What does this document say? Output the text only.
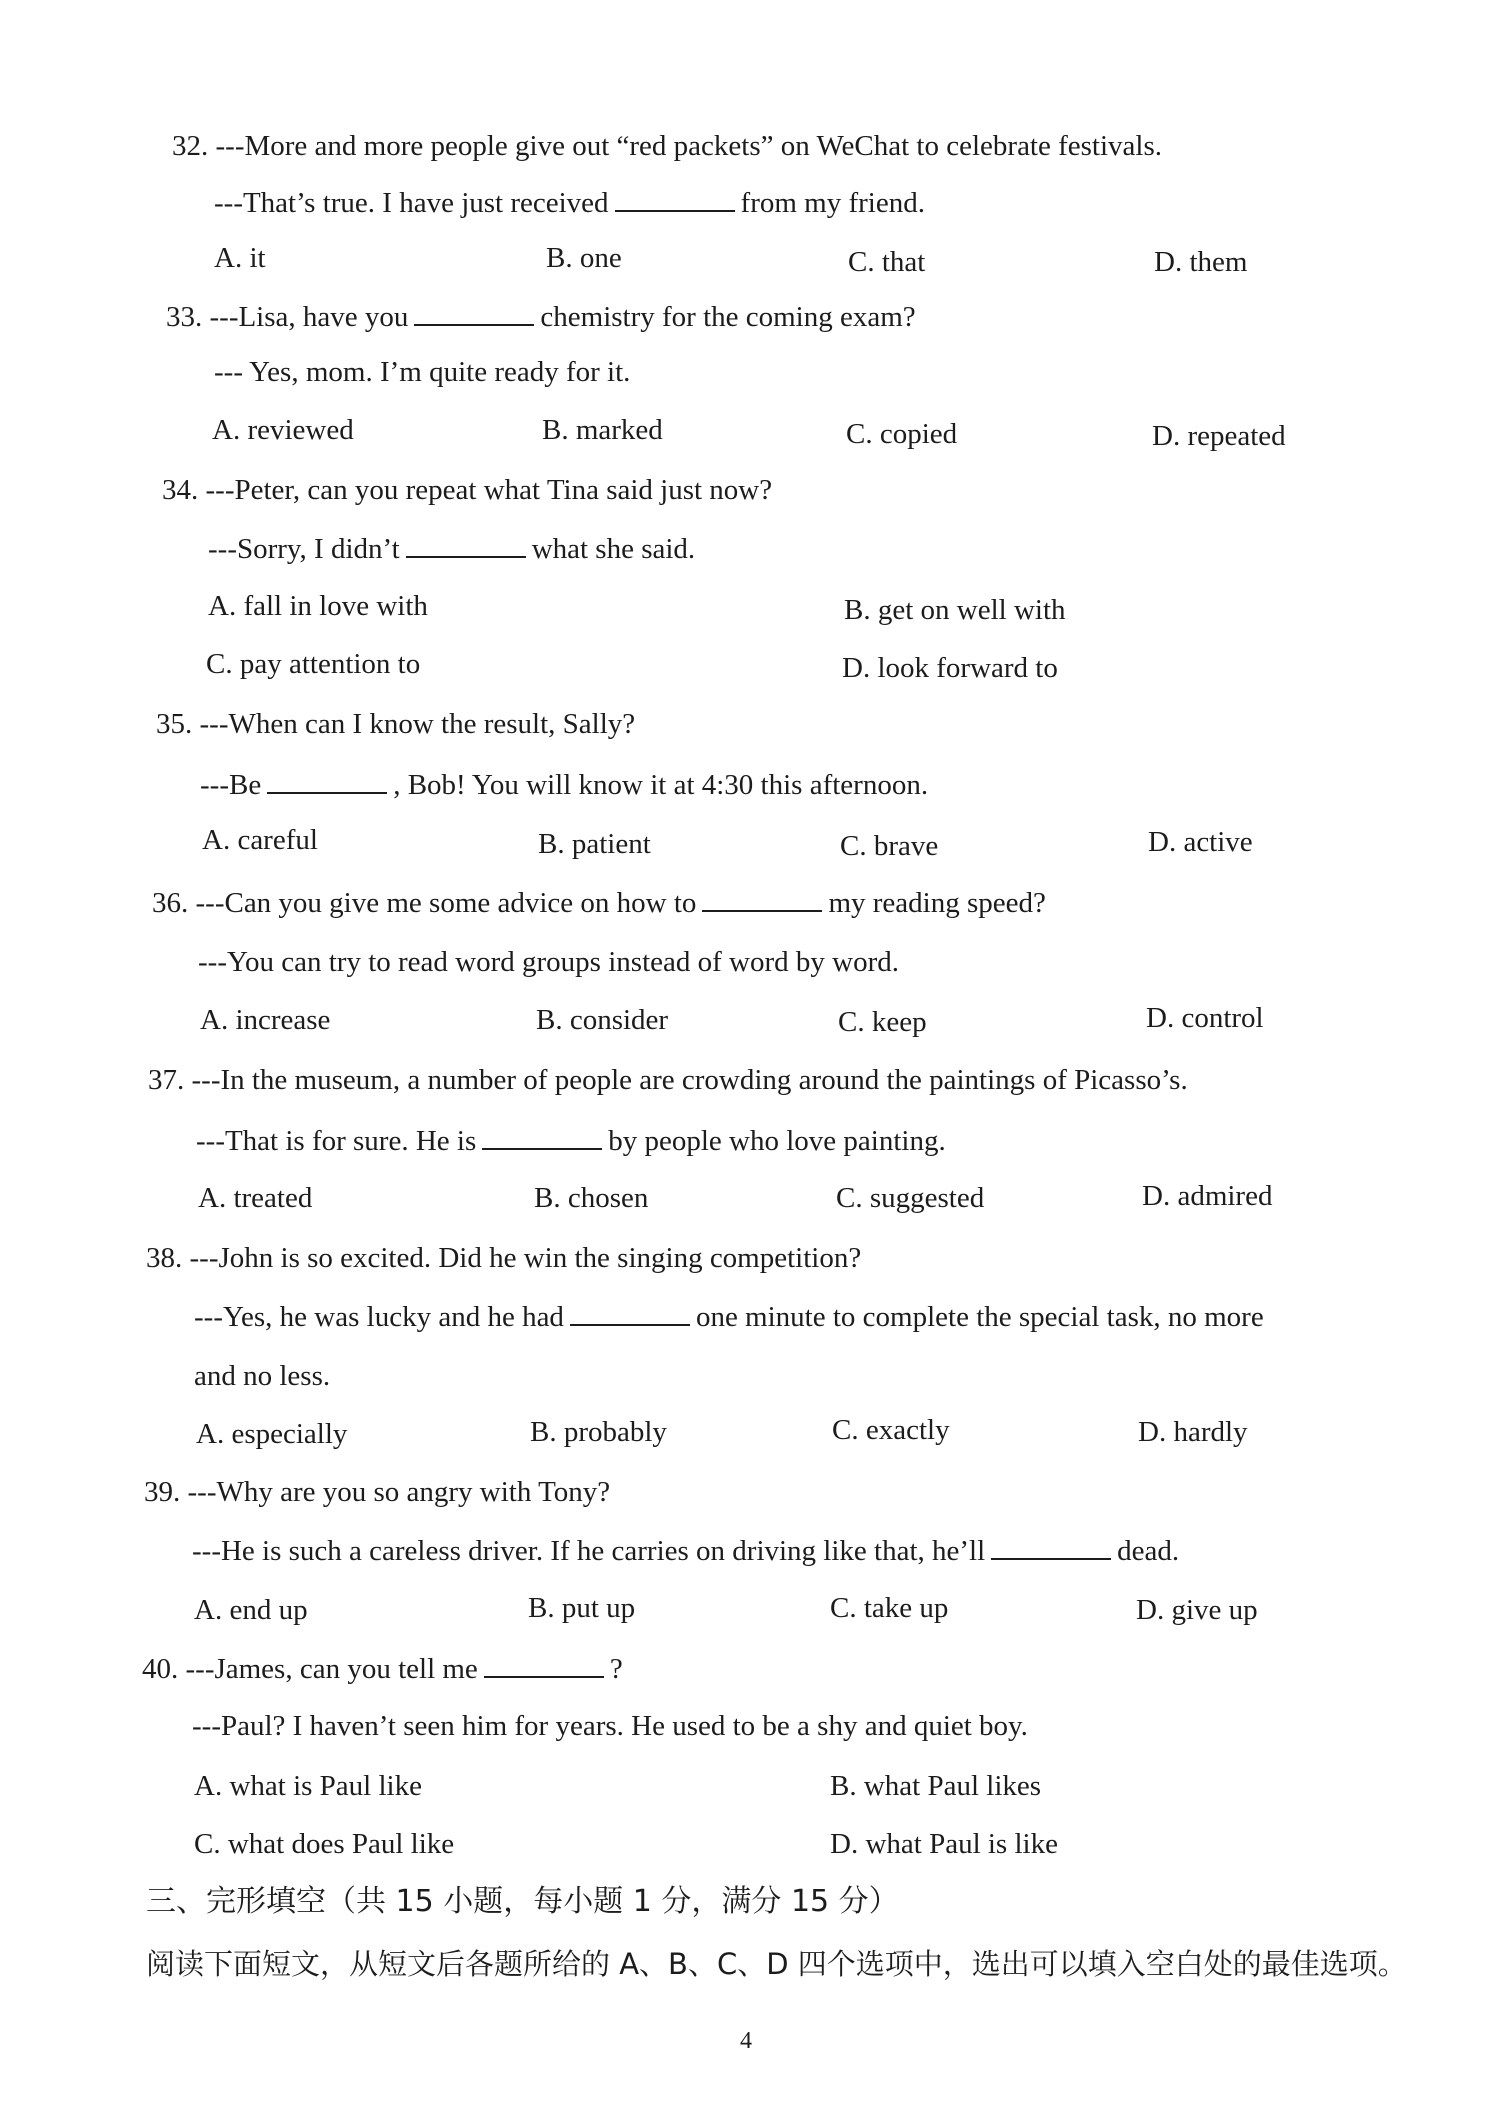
32. ---More and more people give out “red packets” on WeChat to celebrate festivals.
---That’s true. I have just received	from my friend.
A. it	B. one	C. that	D. them
33. ---Lisa, have you	chemistry for the coming exam?
--- Yes, mom. I’m quite ready for it.
A. reviewed	B. marked	C. copied	D. repeated
34. ---Peter, can you repeat what Tina said just now?
---Sorry, I didn’t	what she said.
A. fall in love with	B. get on well with
C. pay attention to	D. look forward to
35. ---When can I know the result, Sally?
---Be	, Bob! You will know it at 4:30 this afternoon.
A. careful	B. patient	C. brave	D. active
36. ---Can you give me some advice on how to	my reading speed?
---You can try to read word groups instead of word by word.
A. increase	B. consider	C. keep	D. control
37. ---In the museum, a number of people are crowding around the paintings of Picasso’s.
---That is for sure. He is	by people who love painting.
A. treated	B. chosen	C. suggested	D. admired
38. ---John is so excited. Did he win the singing competition?
---Yes, he was lucky and he had	one minute to complete the special task, no more
and no less.
A. especially	B. probably	C. exactly	D. hardly
39. ---Why are you so angry with Tony?
---He is such a careless driver. If he carries on driving like that, he’ll	dead.
A. end up	B. put up	C. take up	D. give up
40. ---James, can you tell me	?
---Paul? I haven’t seen him for years. He used to be a shy and quiet boy.
A. what is Paul like	B. what Paul likes
C. what does Paul like	D. what Paul is like
三、完形填空（共 15 小题，每小题 1 分，满分 15 分）
阅读下面短文，从短文后各题所给的 A、B、C、D 四个选项中，选出可以填入空白处的最佳选项。
4
